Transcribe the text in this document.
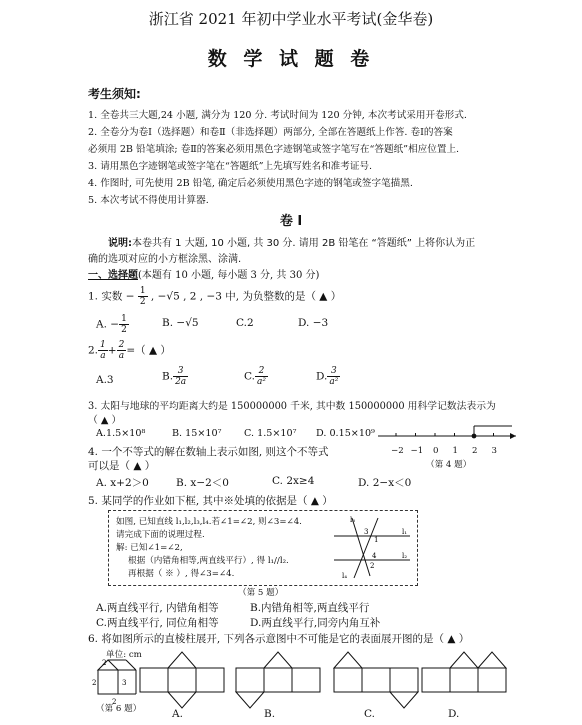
浙江省 2021 年初中学业水平考试(金华卷)
数 学 试 题 卷
考生须知:
1. 全卷共三大题,24 小题, 满分为 120 分. 考试时间为 120 分钟, 本次考试采用开卷形式.
2. 全卷分为卷Ⅰ（选择题）和卷Ⅱ（非选择题）两部分, 全部在答题纸上作答. 卷Ⅰ的答案
必须用 2B 铅笔填涂; 卷Ⅱ的答案必须用黑色字迹钢笔或签字笔写在“答题纸”相应位置上.
3. 请用黑色字迹钢笔或签字笔在“答题纸”上先填写姓名和准考证号.
4. 作图时, 可先使用 2B 铅笔, 确定后必须使用黑色字迹的钢笔或签字笔描黑.
5. 本次考试不得使用计算器.
卷 Ⅰ
说明:本卷共有 1 大题, 10 小题, 共 30 分. 请用 2B 铅笔在 “答题纸” 上将你认为正
确的选项对应的小方框涂黑、涂满.
一、选择题(本题有 10 小题, 每小题 3 分, 共 30 分)
1. 实数 − $\frac{1}{2}$ , −√5 , 2 , −3 中, 为负整数的是（ ▲ ）
A. − $\frac{1}{2}$	B. −√5	C.2	D. −3
2. $\frac{1}{a} + \frac{2}{a}$ =（ ▲ ）
A.3	B. $\frac{3}{2a}$	C. $\frac{2}{\text{a²}}$	D. $\frac{3}{\text{a²}}$
3. 太阳与地球的平均距离大约是 150000000 千米, 其中数 150000000 用科学记数法表示为
（ ▲ ）
A.1.5×10⁸	B. 15×10⁷ C. 1.5×10⁷ D. 0.15×10⁹
4. 一个不等式的解在数轴上表示如图, 则这个不等式
可以是（ ▲ ）
A. x+2＞0	B. x−2＜0	C. 2x≥4	D. 2−x＜0
−2 −1 0 1 2 3
（第 4 题）
5. 某同学的作业如下框, 其中※处填的依据是（ ▲ ）
如图, 已知直线 l₁,l₂,l₃,l₄.若∠1=∠2, 则∠3=∠4.
请完成下面的说理过程.
解: 已知∠1=∠2,
根据（内错角相等,两直线平行）, 得 l₁//l₂.
再根据（ ※ ）, 得∠3=∠4.
l₃
l₁
l₂
l₄
3
1
4
2
（第 5 题）
A.两直线平行, 内错角相等	B.内错角相等,两直线平行
C.两直线平行, 同位角相等	D.两直线平行,同旁内角互补
6. 将如图所示的直棱柱展开, 下列各示意图中不可能是它的表面展开图的是（ ▲ ）
单位: cm
2
2
3
2
（第 6 题）	A.	B.	C.	D.
